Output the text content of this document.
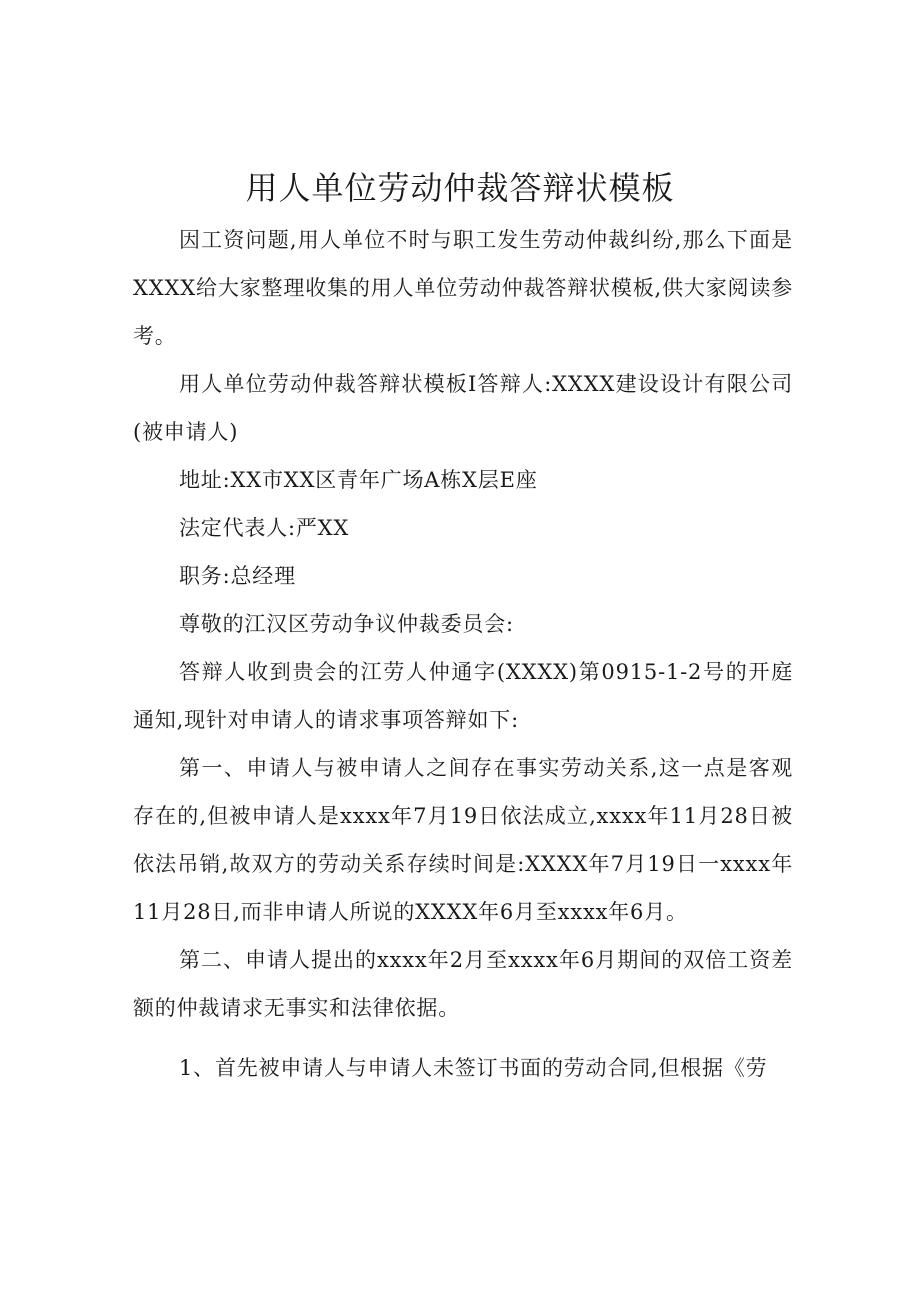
用人单位劳动仲裁答辩状模板

因工资问题,用人单位不时与职工发生劳动仲裁纠纷,那么下面是XXXX给大家整理收集的用人单位劳动仲裁答辩状模板,供大家阅读参考。

用人单位劳动仲裁答辩状模板I答辩人:XXXX建设设计有限公司(被申请人)

地址:XX市XX区青年广场A栋X层E座

法定代表人:严XX

职务:总经理

尊敬的江汉区劳动争议仲裁委员会:

答辩人收到贵会的江劳人仲通字(XXXX)第0915-1-2号的开庭通知,现针对申请人的请求事项答辩如下:

第一、申请人与被申请人之间存在事实劳动关系,这一点是客观存在的,但被申请人是xxxx年7月19日依法成立,xxxx年11月28日被依法吊销,故双方的劳动关系存续时间是:XXXX年7月19日一xxxx年11月28日,而非申请人所说的XXXX年6月至xxxx年6月。

第二、申请人提出的xxxx年2月至xxxx年6月期间的双倍工资差额的仲裁请求无事实和法律依据。

1、首先被申请人与申请人未签订书面的劳动合同,但根据《劳
